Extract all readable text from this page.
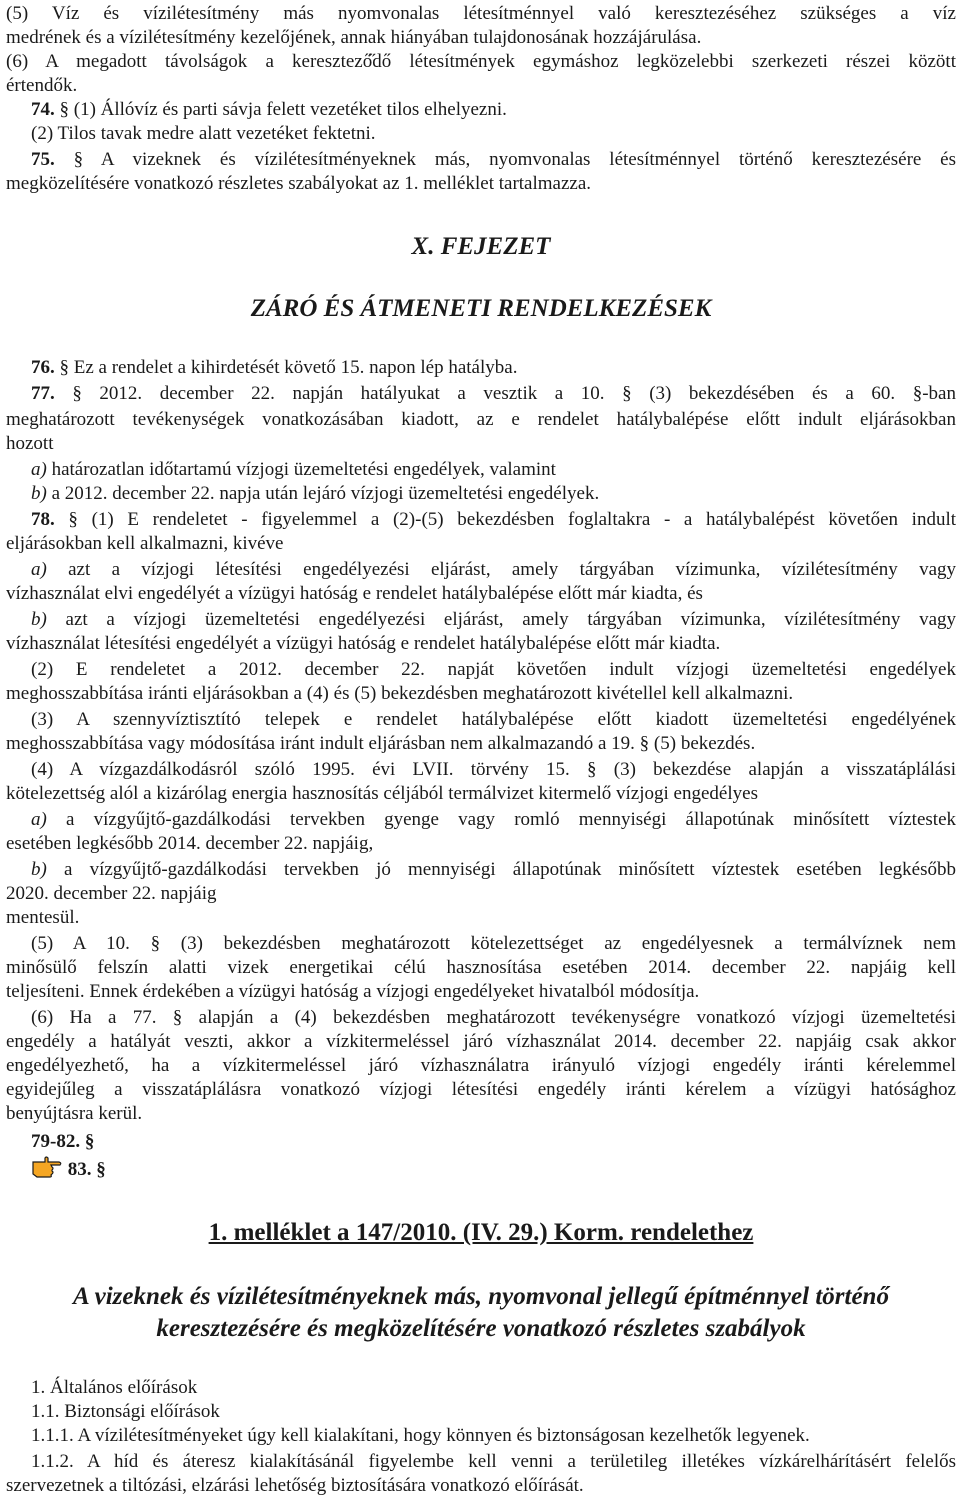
(5) Víz és vízilétesítmény más nyomvonalas létesítménnyel való keresztezéséhez szükséges a víz
medrének és a vízilétesítmény kezelőjének, annak hiányában tulajdonosának hozzájárulása.
(6) A megadott távolságok a keresztező̋dő létesítmények egymáshoz legközelebbi szerkezeti részei között
értendők.
74. § (1) Állóvíz és parti sávja felett vezetéket tilos elhelyezni.
(2) Tilos tavak medre alatt vezetéket fektetni.
75. § A vizeknek és vízilétesítményeknek más, nyomvonalas létesítménnyel történő keresztezésére és
megközelítésére vonatkozó részletes szabályokat az 1. melléklet tartalmazza.
X. FEJEZET
ZÁRÓ ÉS ÁTMENETI RENDELKEZÉSEK
76. § Ez a rendelet a kihirdetését követő 15. napon lép hatályba.
77. § 2012. december 22. napján hatályukat a vesztik a 10. § (3) bekezdésében és a 60. §-ban
meghatározott tevékenységek vonatkozásában kiadott, az e rendelet hatálybalépése előtt indult eljárásokban
hozott
a) határozatlan időtartamú vízjogi üzemeltetési engedélyek, valamint
b) a 2012. december 22. napja után lejáró vízjogi üzemeltetési engedélyek.
78. § (1) E rendeletet - figyelemmel a (2)-(5) bekezdésben foglaltakra - a hatálybalépést követően indult
eljárásokban kell alkalmazni, kivéve
a) azt a vízjogi létesítési engedélyezési eljárást, amely tárgyában vízimunka, vízilétesítmény vagy
vízhasználat elvi engedélyét a vízügyi hatóság e rendelet hatálybalépése előtt már kiadta, és
b) azt a vízjogi üzemeltetési engedélyezési eljárást, amely tárgyában vízimunka, vízilétesítmény vagy
vízhasználat létesítési engedélyét a vízügyi hatóság e rendelet hatálybalépése előtt már kiadta.
(2) E rendeletet a 2012. december 22. napját követően indult vízjogi üzemeltetési engedélyek
meghosszabbítása iránti eljárásokban a (4) és (5) bekezdésben meghatározott kivétellel kell alkalmazni.
(3) A szennyvíztisztító telepek e rendelet hatálybalépése előtt kiadott üzemeltetési engedélyének
meghosszabbítása vagy módosítása iránt indult eljárásban nem alkalmazandó a 19. § (5) bekezdés.
(4) A vízgazdálkodásról szóló 1995. évi LVII. törvény 15. § (3) bekezdése alapján a visszatáplálási
kötelezettség alól a kizárólag energia hasznosítás céljából termálvizet kitermelő vízjogi engedélyes
a) a vízgyűjtő-gazdálkodási tervekben gyenge vagy romló mennyiségi állapotúnak minősített víztestek
esetében legkésőbb 2014. december 22. napjáig,
b) a vízgyűjtő-gazdálkodási tervekben jó mennyiségi állapotúnak minősített víztestek esetében legkésőbb
2020. december 22. napjáig
mentesül.
(5) A 10. § (3) bekezdésben meghatározott kötelezettséget az engedélyesnek a termálvíznek nem
minősülő felszín alatti vizek energetikai célú hasznosítása esetében 2014. december 22. napjáig kell
teljesíteni. Ennek érdekében a vízügyi hatóság a vízjogi engedélyeket hivatalból módosítja.
(6) Ha a 77. § alapján a (4) bekezdésben meghatározott tevékenységre vonatkozó vízjogi üzemeltetési
engedély a hatályát veszti, akkor a vízkitermeléssel járó vízhasználat 2014. december 22. napjáig csak akkor
engedélyezhető, ha a vízkitermeléssel járó vízhasználatra irányuló vízjogi engedély iránti kérelemmel
egyidejűleg a visszatáplálásra vonatkozó vízjogi létesítési engedély iránti kérelem a vízügyi hatósághoz
benyújtásra kerül.
79-82. §
83. §
1. melléklet a 147/2010. (IV. 29.) Korm. rendelethez
A vizeknek és vízilétesítményeknek más, nyomvonal jellegű építménnyel történő
keresztezésére és megközelítésére vonatkozó részletes szabályok
1. Általános előírások
1.1. Biztonsági előírások
1.1.1. A vízilétesítményeket úgy kell kialakítani, hogy könnyen és biztonságosan kezelhetők legyenek.
1.1.2. A híd és áteresz kialakításánál figyelembe kell venni a területileg illetékes vízkárelhárításért felelős
szervezetnek a tiltózási, elzárási lehetőség biztosítására vonatkozó előírását.
